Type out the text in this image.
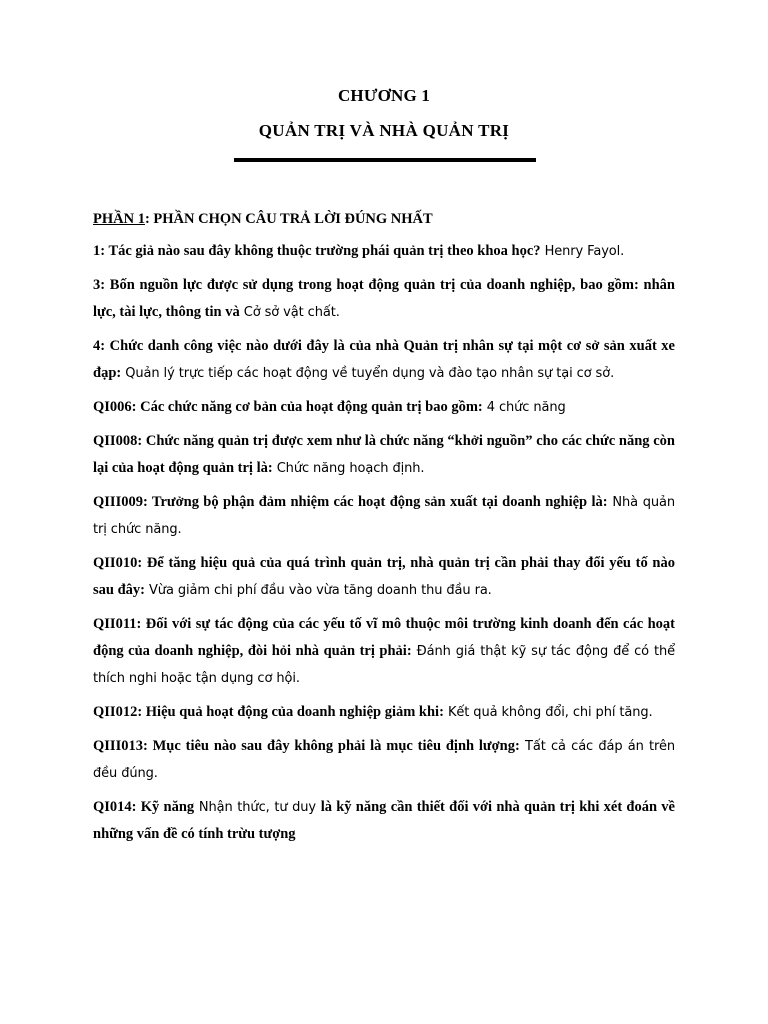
CHƯƠNG 1
QUẢN TRỊ VÀ NHÀ QUẢN TRỊ
PHẦN 1: PHẦN CHỌN CÂU TRẢ LỜI ĐÚNG NHẤT
1: Tác giả nào sau đây không thuộc trường phái quản trị theo khoa học? Henry Fayol.
3: Bốn nguồn lực được sử dụng trong hoạt động quản trị của doanh nghiệp, bao gồm: nhân lực, tài lực, thông tin và Cở sở vật chất.
4: Chức danh công việc nào dưới đây là của nhà Quản trị nhân sự tại một cơ sở sản xuất xe đạp: Quản lý trực tiếp các hoạt động về tuyển dụng và đào tạo nhân sự tại cơ sở.
QI006: Các chức năng cơ bản của hoạt động quản trị bao gồm: 4 chức năng
QII008: Chức năng quản trị được xem như là chức năng “khởi nguồn” cho các chức năng còn lại của hoạt động quản trị là: Chức năng hoạch định.
QIII009: Trưởng bộ phận đảm nhiệm các hoạt động sản xuất tại doanh nghiệp là: Nhà quản trị chức năng.
QII010: Để tăng hiệu quả của quá trình quản trị, nhà quản trị cần phải thay đổi yếu tố nào sau đây: Vừa giảm chi phí đầu vào vừa tăng doanh thu đầu ra.
QII011: Đối với sự tác động của các yếu tố vĩ mô thuộc môi trường kinh doanh đến các hoạt động của doanh nghiệp, đòi hỏi nhà quản trị phải: Đánh giá thật kỹ sự tác động để có thể thích nghi hoặc tận dụng cơ hội.
QII012: Hiệu quả hoạt động của doanh nghiệp giảm khi: Kết quả không đổi, chi phí tăng.
QIII013: Mục tiêu nào sau đây không phải là mục tiêu định lượng: Tất cả các đáp án trên đều đúng.
QI014: Kỹ năng Nhận thức, tư duy là kỹ năng cần thiết đối với nhà quản trị khi xét đoán về những vấn đề có tính trừu tượng
